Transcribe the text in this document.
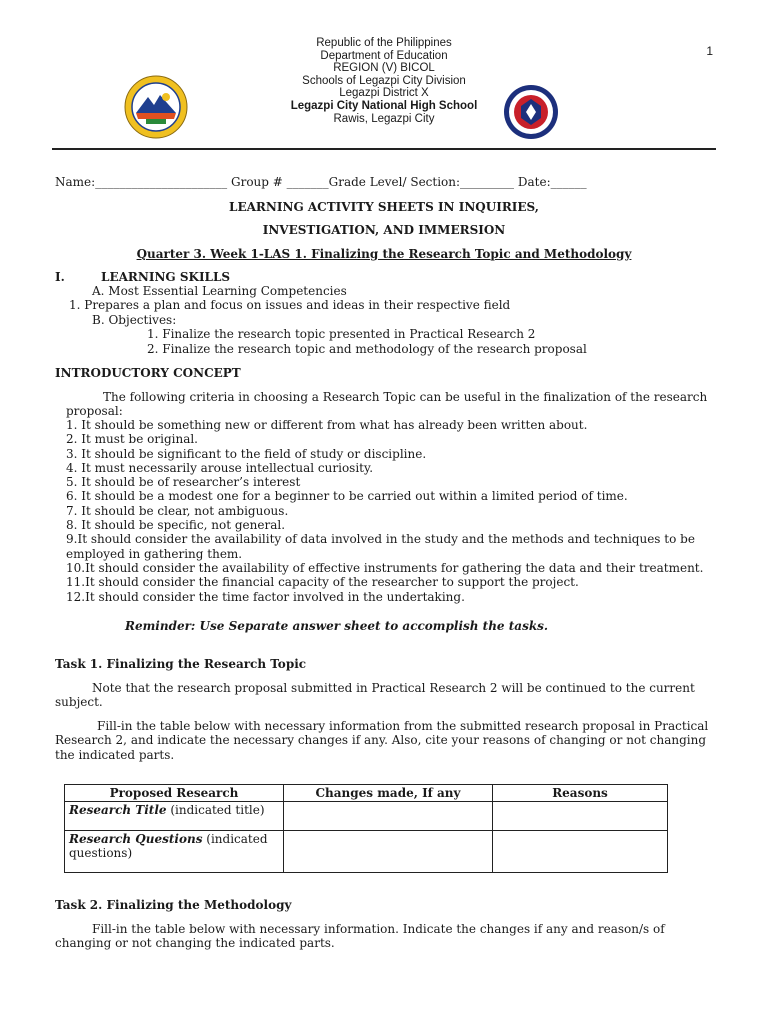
Republic of the Philippines
Department of Education
REGION (V) BICOL
Schools of Legazpi City Division
Legazpi District X
Legazpi City National High School
Rawis, Legazpi City
1
Name:______________________ Group # _______Grade Level/ Section:_________ Date:______
LEARNING ACTIVITY SHEETS IN INQUIRIES,
INVESTIGATION, AND IMMERSION
Quarter 3. Week 1-LAS 1. Finalizing the Research Topic and Methodology
I.	LEARNING SKILLS
A. Most Essential Learning Competencies
1. Prepares a plan and focus on issues and ideas in their respective field
B. Objectives:
1. Finalize the research topic presented in Practical Research 2
2. Finalize the research topic and methodology of the research proposal
INTRODUCTORY CONCEPT
The following criteria in choosing a Research Topic can be useful in the finalization of the research
proposal:
1. It should be something new or different from what has already been written about.
2. It must be original.
3. It should be significant to the field of study or discipline.
4. It must necessarily arouse intellectual curiosity.
5. It should be of researcher’s interest
6. It should be a modest one for a beginner to be carried out within a limited period of time.
7. It should be clear, not ambiguous.
8. It should be specific, not general.
9.It should consider the availability of data involved in the study and the methods and techniques to be
employed in gathering them.
10.It should consider the availability of effective instruments for gathering the data and their treatment.
11.It should consider the financial capacity of the researcher to support the project.
12.It should consider the time factor involved in the undertaking.
Reminder: Use Separate answer sheet to accomplish the tasks.
Task 1. Finalizing the Research Topic
Note that the research proposal submitted in Practical Research 2 will be continued to the current
subject.
Fill-in the table below with necessary information from the submitted research proposal in Practical
Research 2, and indicate the necessary changes if any. Also, cite your reasons of changing or not changing
the indicated parts.
Proposed Research	Changes made, If any	Reasons
Research Title (indicated title)		
Research Questions (indicated questions)		
Task 2. Finalizing the Methodology
Fill-in the table below with necessary information. Indicate the changes if any and reason/s of
changing or not changing the indicated parts.
